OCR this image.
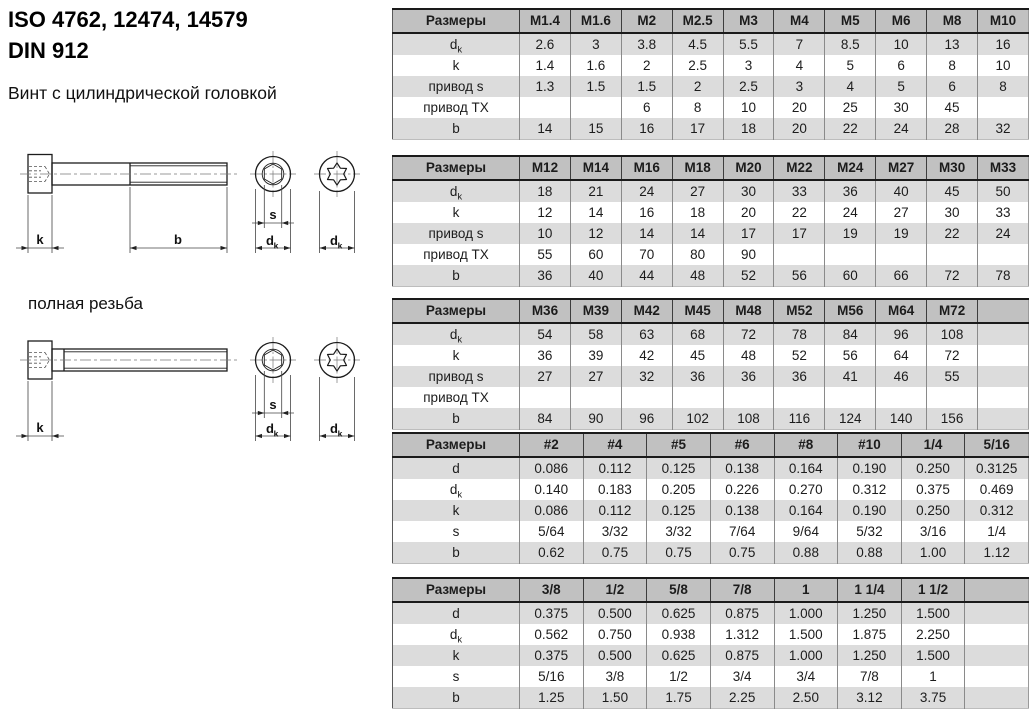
ISO 4762, 12474, 14579
DIN 912
Винт с цилиндрической головкой
k	b
s
d k	d k
полная резьба
k
s
d k	d k
Размеры	M1.4	M1.6	M2	M2.5	M3	M4	M5	M6	M8	M10
$d_k$	2.6	3	3.8	4.5	5.5	7	8.5	10	13	16
k	1.4	1.6	2	2.5	3	4	5	6	8	10
привод s	1.3	1.5	1.5	2	2.5	3	4	5	6	8
привод TX			6	8	10	20	25	30	45	
b	14	15	16	17	18	20	22	24	28	32
Размеры	M12	M14	M16	M18	M20	M22	M24	M27	M30	M33
$d_k$	18	21	24	27	30	33	36	40	45	50
k	12	14	16	18	20	22	24	27	30	33
привод s	10	12	14	14	17	17	19	19	22	24
привод TX	55	60	70	80	90					
b	36	40	44	48	52	56	60	66	72	78
Размеры	M36	M39	M42	M45	M48	M52	M56	M64	M72	
$d_k$	54	58	63	68	72	78	84	96	108	
k	36	39	42	45	48	52	56	64	72	
привод s	27	27	32	36	36	36	41	46	55	
привод TX										
b	84	90	96	102	108	116	124	140	156	
Размеры	#2	#4	#5	#6	#8	#10	1/4	5/16
d	0.086	0.112	0.125	0.138	0.164	0.190	0.250	0.3125
$d_k$	0.140	0.183	0.205	0.226	0.270	0.312	0.375	0.469
k	0.086	0.112	0.125	0.138	0.164	0.190	0.250	0.312
s	5/64	3/32	3/32	7/64	9/64	5/32	3/16	1/4
b	0.62	0.75	0.75	0.75	0.88	0.88	1.00	1.12
Размеры	3/8	1/2	5/8	7/8	1	1 1/4	1 1/2	
d	0.375	0.500	0.625	0.875	1.000	1.250	1.500	
$d_k$	0.562	0.750	0.938	1.312	1.500	1.875	2.250	
k	0.375	0.500	0.625	0.875	1.000	1.250	1.500	
s	5/16	3/8	1/2	3/4	3/4	7/8	1	
b	1.25	1.50	1.75	2.25	2.50	3.12	3.75	
